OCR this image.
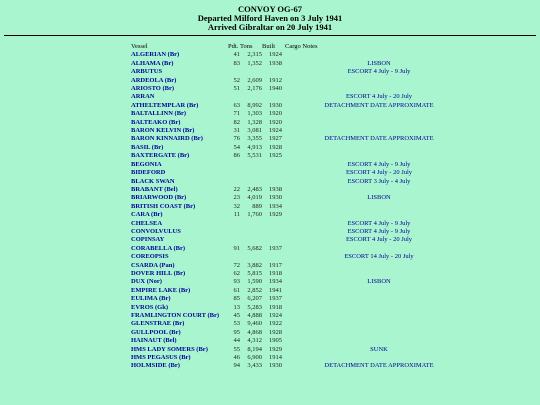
CONVOY OG-67
Departed Milford Haven on 3 July 1941
Arrived Gibraltar on 20 July 1941
Vessel	Pdt.	Tons	Built	Cargo Notes
ALGERIAN (Br)	41	2,315	1924	
ALHAMA (Br)	83	1,352	1938	LISBON
ARBUTUS				ESCORT 4 July - 9 July
ARDEOLA (Br)	52	2,609	1912	
ARIOSTO (Br)	51	2,176	1940	
ARRAN				ESCORT 4 July - 20 July
ATHELTEMPLAR (Br)	63	8,992	1930	DETACHMENT DATE APPROXIMATE
BALTALLINN (Br)	71	1,303	1920	
BALTEAKO (Br)	82	1,328	1920	
BARON KELVIN (Br)	31	3,081	1924	
BARON KINNAIRD (Br)	76	3,355	1927	DETACHMENT DATE APPROXIMATE
BASIL (Br)	54	4,913	1928	
BAXTERGATE (Br)	86	5,531	1925	
BEGONIA				ESCORT 4 July - 9 July
BIDEFORD				ESCORT 4 July - 20 July
BLACK SWAN				ESCORT 3 July - 4 July
BRABANT (Bel)	22	2,483	1938	
BRIARWOOD (Br)	23	4,019	1930	LISBON
BRITISH COAST (Br)	32	889	1934	
CARA (Br)	11	1,760	1929	
CHELSEA				ESCORT 4 July - 9 July
CONVOLVULUS				ESCORT 4 July - 9 July
COPINSAY				ESCORT 4 July - 20 July
CORABELLA (Br)	91	5,682	1937	
COREOPSIS				ESCORT 14 July - 20 July
CSARDA (Pan)	72	3,882	1917	
DOVER HILL (Br)	62	5,815	1918	
DUX (Nor)	93	1,590	1934	LISBON
EMPIRE LAKE (Br)	61	2,852	1941	
EULIMA (Br)	85	6,207	1937	
EVROS (Gk)	13	5,283	1918	
FRAMLINGTON COURT (Br)	45	4,888	1924	
GLENSTRAE (Br)	53	9,460	1922	
GULLPOOL (Br)	95	4,868	1928	
HAINAUT (Bel)	44	4,312	1905	
HMS LADY SOMERS (Br)	55	8,194	1929	SUNK
HMS PEGASUS (Br)	46	6,900	1914	
HOLMSIDE (Br)	94	3,433	1930	DETACHMENT DATE APPROXIMATE
